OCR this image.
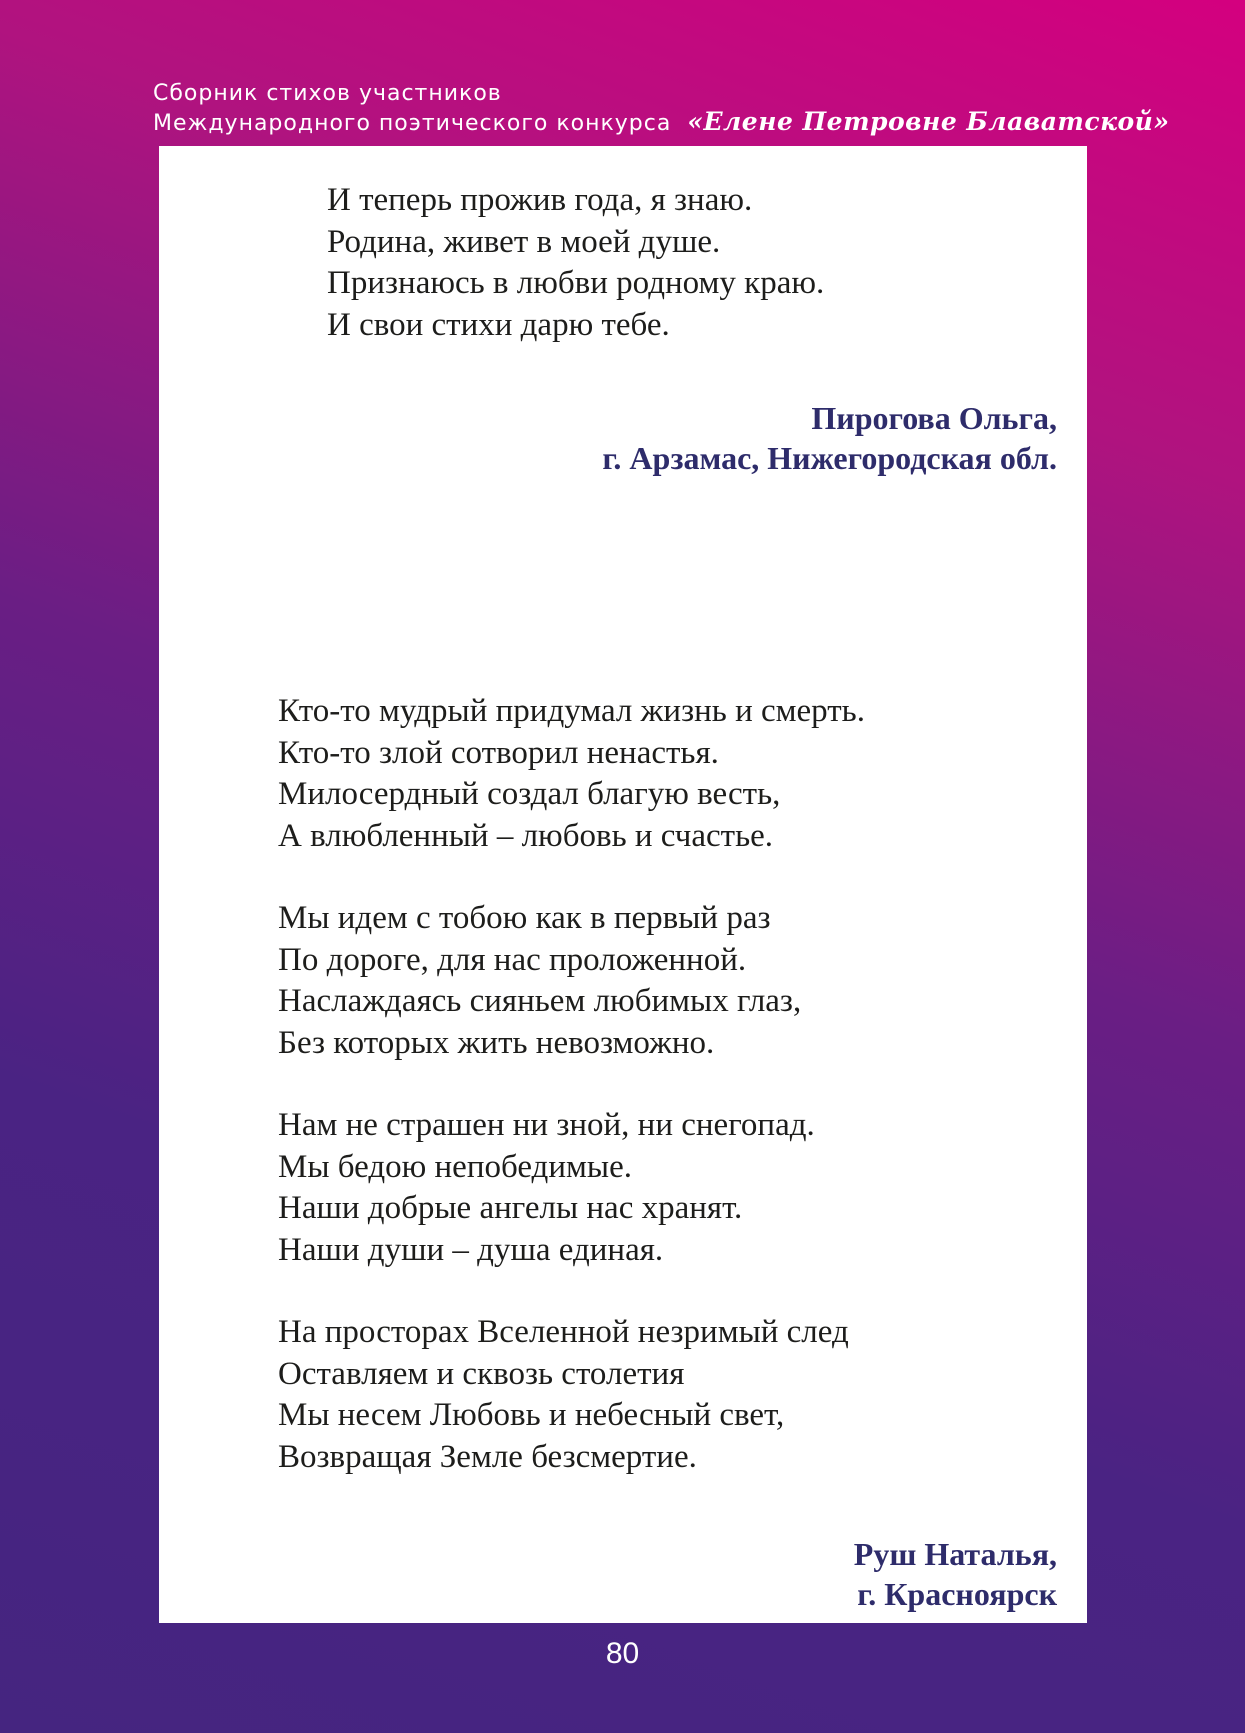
Сборник стихов участников
Международного поэтического конкурса «Елене Петровне Блаватской»
И теперь прожив года, я знаю.
Родина, живет в моей душе.
Признаюсь в любви родному краю.
И свои стихи дарю тебе.
Пирогова Ольга,
г. Арзамас, Нижегородская обл.
Кто-то мудрый придумал жизнь и смерть.
Кто-то злой сотворил ненастья.
Милосердный создал благую весть,
А влюбленный – любовь и счастье.
Мы идем с тобою как в первый раз
По дороге, для нас проложенной.
Наслаждаясь сияньем любимых глаз,
Без которых жить невозможно.
Нам не страшен ни зной, ни снегопад.
Мы бедою непобедимые.
Наши добрые ангелы нас хранят.
Наши души – душа единая.
На просторах Вселенной незримый след
Оставляем и сквозь столетия
Мы несем Любовь и небесный свет,
Возвращая Земле безсмертие.
Руш Наталья,
г. Красноярск
80
